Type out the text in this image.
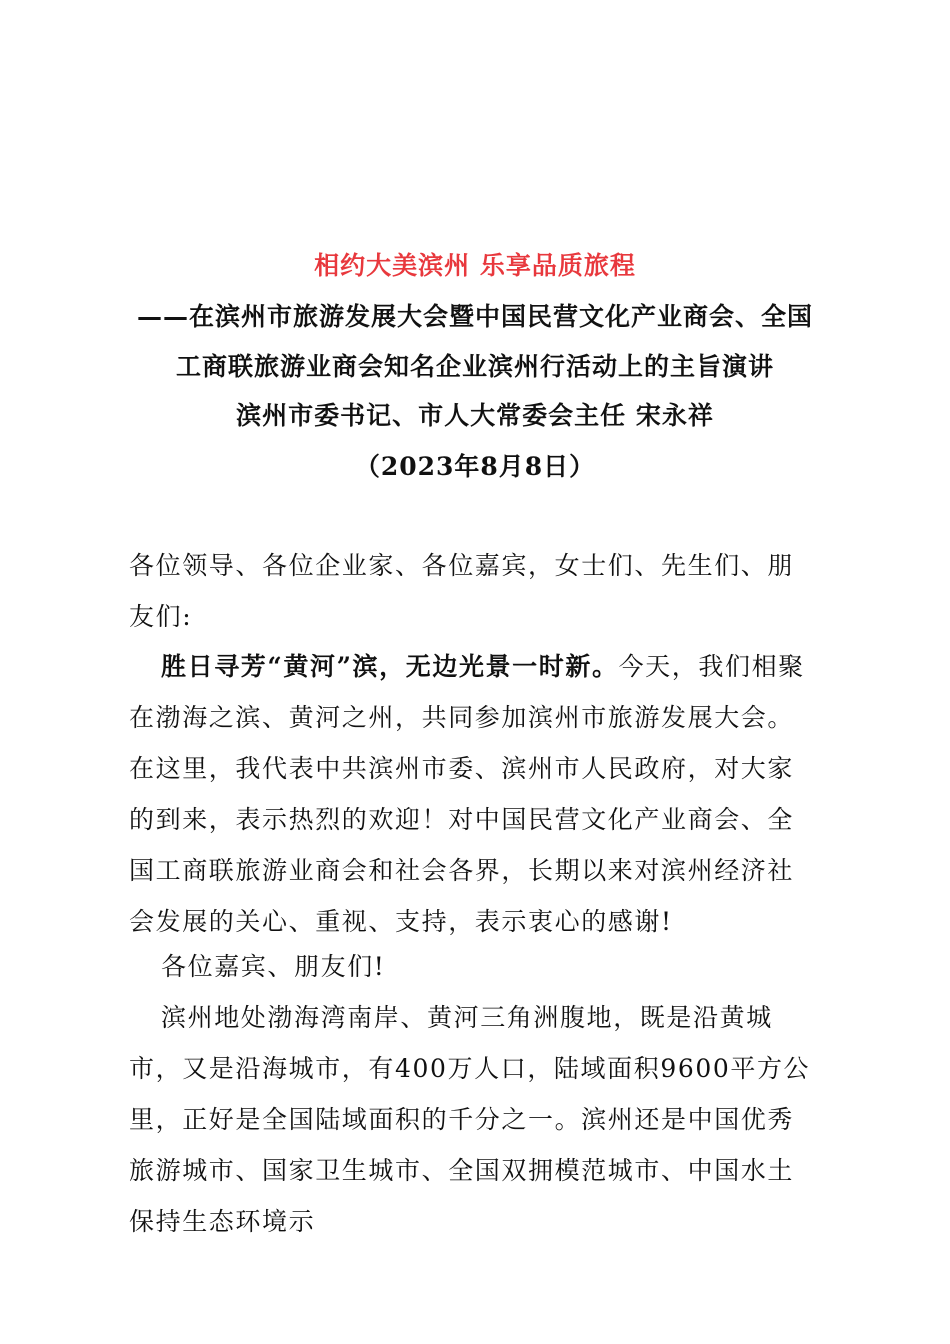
相约大美滨州 乐享品质旅程
——在滨州市旅游发展大会暨中国民营文化产业商会、全国
工商联旅游业商会知名企业滨州行活动上的主旨演讲
滨州市委书记、市人大常委会主任 宋永祥
（2023年8月8日）
各位领导、各位企业家、各位嘉宾，女士们、先生们、朋友们:
胜日寻芳“黄河”滨，无边光景一时新。今天，我们相聚在渤海之滨、黄河之州，共同参加滨州市旅游发展大会。在这里，我代表中共滨州市委、滨州市人民政府，对大家的到来，表示热烈的欢迎！对中国民营文化产业商会、全国工商联旅游业商会和社会各界，长期以来对滨州经济社会发展的关心、重视、支持，表示衷心的感谢!
各位嘉宾、朋友们!
滨州地处渤海湾南岸、黄河三角洲腹地，既是沿黄城市，又是沿海城市，有400万人口，陆域面积9600平方公里，正好是全国陆域面积的千分之一。滨州还是中国优秀旅游城市、国家卫生城市、全国双拥模范城市、中国水土保持生态环境示
